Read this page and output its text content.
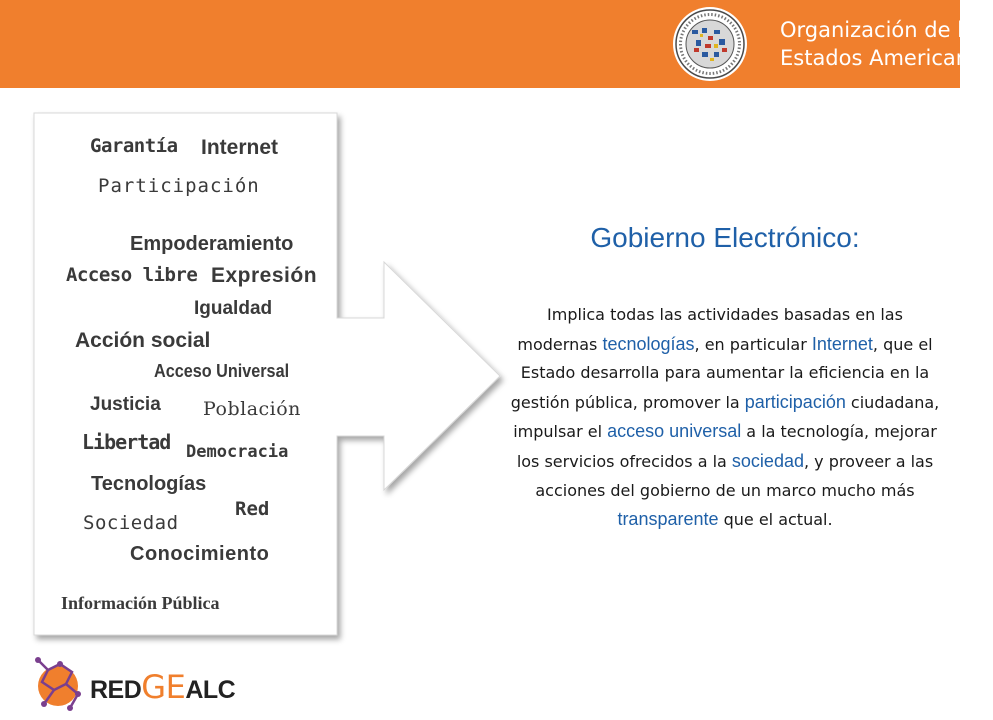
Organización de los
Estados Americanos
Garantía Internet
Participación
Empoderamiento
Acceso libre Expresión
Igualdad
Acción social
Acceso Universal
Justicia Población
Libertad Democracia
Tecnologías
Red
Sociedad
Conocimiento
Información Pública
Gobierno Electrónico:
Implica todas las actividades basadas en las modernas tecnologías, en particular Internet, que el Estado desarrolla para aumentar la eficiencia en la gestión pública, promover la participación ciudadana, impulsar el acceso universal a la tecnología, mejorar los servicios ofrecidos a la sociedad, y proveer a las acciones del gobierno de un marco mucho más transparente que el actual.
REDGEALC
